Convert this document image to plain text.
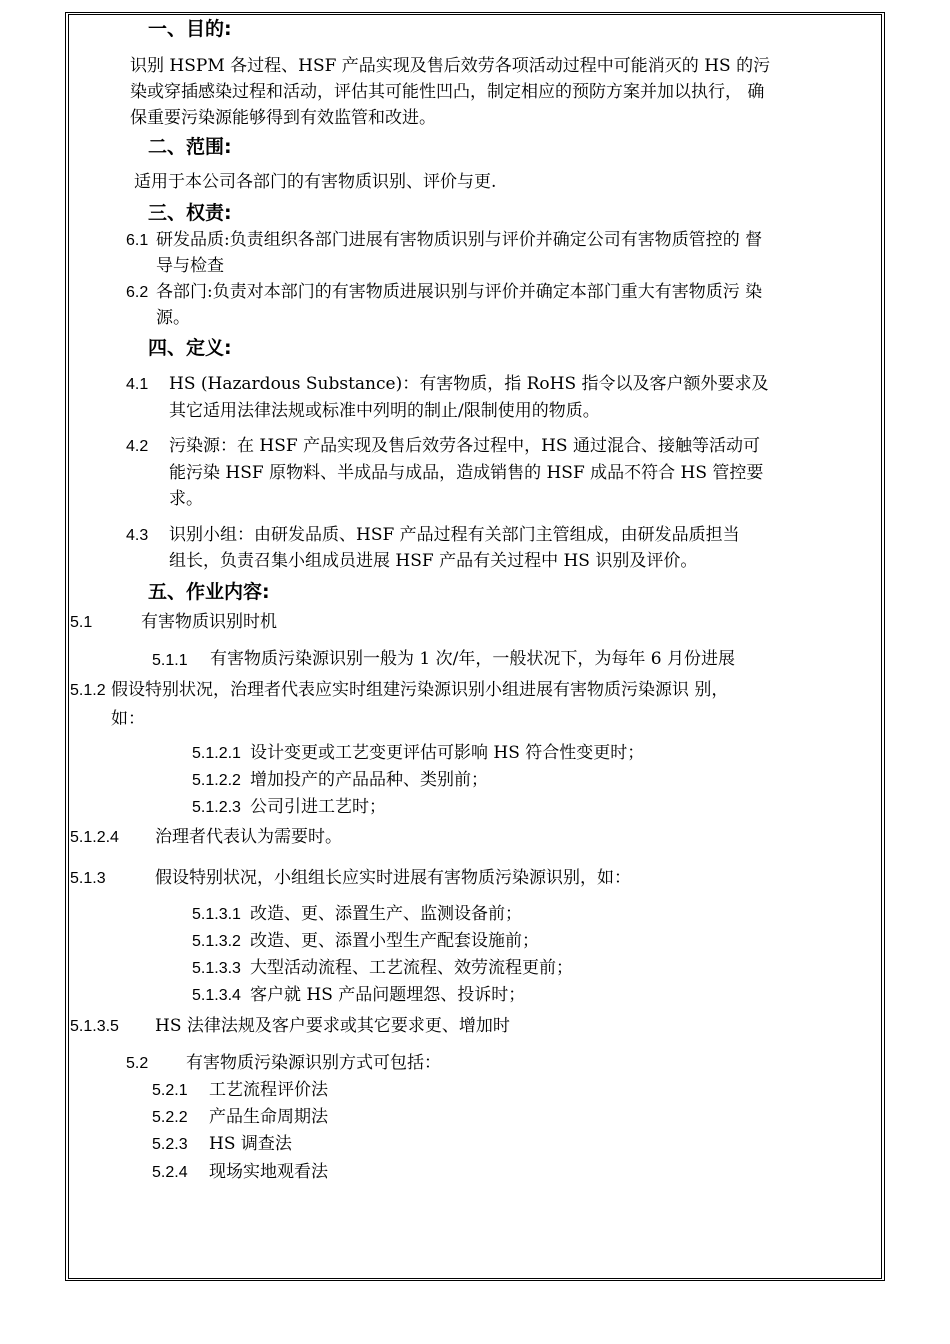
一、目的:
识别 HSPM 各过程、HSF 产品实现及售后效劳各项活动过程中可能消灭的 HS 的污
染或穿插感染过程和活动，评估其可能性凹凸，制定相应的预防方案并加以执行， 确
保重要污染源能够得到有效监管和改进。
二、范围:
适用于本公司各部门的有害物质识别、评价与更.
三、权责:
6.1 研发品质:负责组织各部门进展有害物质识别与评价并确定公司有害物质管控的 督
导与检查
6.2 各部门:负责对本部门的有害物质进展识别与评价并确定本部门重大有害物质污 染
源。
四、定义:
4.1 HS (Hazardous Substance)：有害物质，指 RoHS 指令以及客户额外要求及
其它适用法律法规或标准中列明的制止/限制使用的物质。
4.2 污染源：在 HSF 产品实现及售后效劳各过程中，HS 通过混合、接触等活动可
能污染 HSF 原物料、半成品与成品，造成销售的 HSF 成品不符合 HS 管控要
求。
4.3 识别小组：由研发品质、HSF 产品过程有关部门主管组成，由研发品质担当
组长，负责召集小组成员进展 HSF 产品有关过程中 HS 识别及评价。
五、作业内容:
5.1	有害物质识别时机
5.1.1 有害物质污染源识别一般为 1 次/年，一般状况下，为每年 6 月份进展
5.1.2 假设特别状况，治理者代表应实时组建污染源识别小组进展有害物质污染源识 别，
如：
5.1.2.1 设计变更或工艺变更评估可影响 HS 符合性变更时；
5.1.2.2 增加投产的产品品种、类别前；
5.1.2.3 公司引进工艺时；
5.1.2.4 治理者代表认为需要时。
5.1.3	假设特别状况，小组组长应实时进展有害物质污染源识别，如：
5.1.3.1 改造、更、添置生产、监测设备前；
5.1.3.2 改造、更、添置小型生产配套设施前；
5.1.3.3 大型活动流程、工艺流程、效劳流程更前；
5.1.3.4 客户就 HS 产品问题埋怨、投诉时；
5.1.3.5 HS 法律法规及客户要求或其它要求更、增加时
5.2 有害物质污染源识别方式可包括：
5.2.1 工艺流程评价法
5.2.2 产品生命周期法
5.2.3 HS 调查法
5.2.4 现场实地观看法
